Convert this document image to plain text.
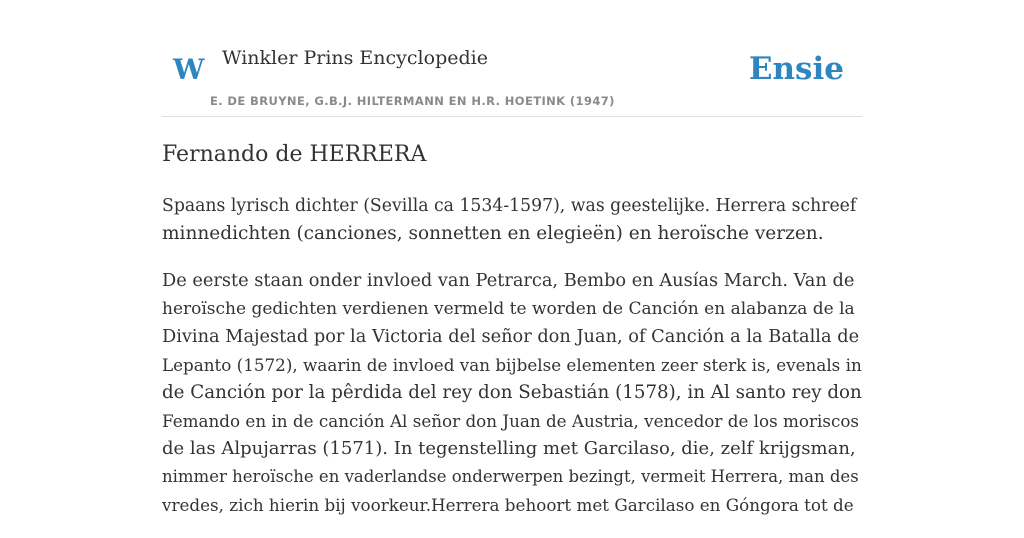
W Winkler Prins Encyclopedie
E. DE BRUYNE, G.B.J. HILTERMANN EN H.R. HOETINK (1947)
Ensie
Fernando de HERRERA

Spaans lyrisch dichter (Sevilla ca 1534-1597), was geestelijke. Herrera schreef
minnedichten (canciones, sonnetten en elegieën) en heroïsche verzen.

De eerste staan onder invloed van Petrarca, Bembo en Ausías March. Van de
heroïsche gedichten verdienen vermeld te worden de Canción en alabanza de la
Divina Majestad por la Victoria del señor don Juan, of Canción a la Batalla de
Lepanto (1572), waarin de invloed van bijbelse elementen zeer sterk is, evenals in
de Canción por la pêrdida del rey don Sebastián (1578), in Al santo rey don
Femando en in de canción Al señor don Juan de Austria, vencedor de los moriscos
de las Alpujarras (1571). In tegenstelling met Garcilaso, die, zelf krijgsman,
nimmer heroïsche en vaderlandse onderwerpen bezingt, vermeit Herrera, man des
vredes, zich hierin bij voorkeur.Herrera behoort met Garcilaso en Góngora tot de
